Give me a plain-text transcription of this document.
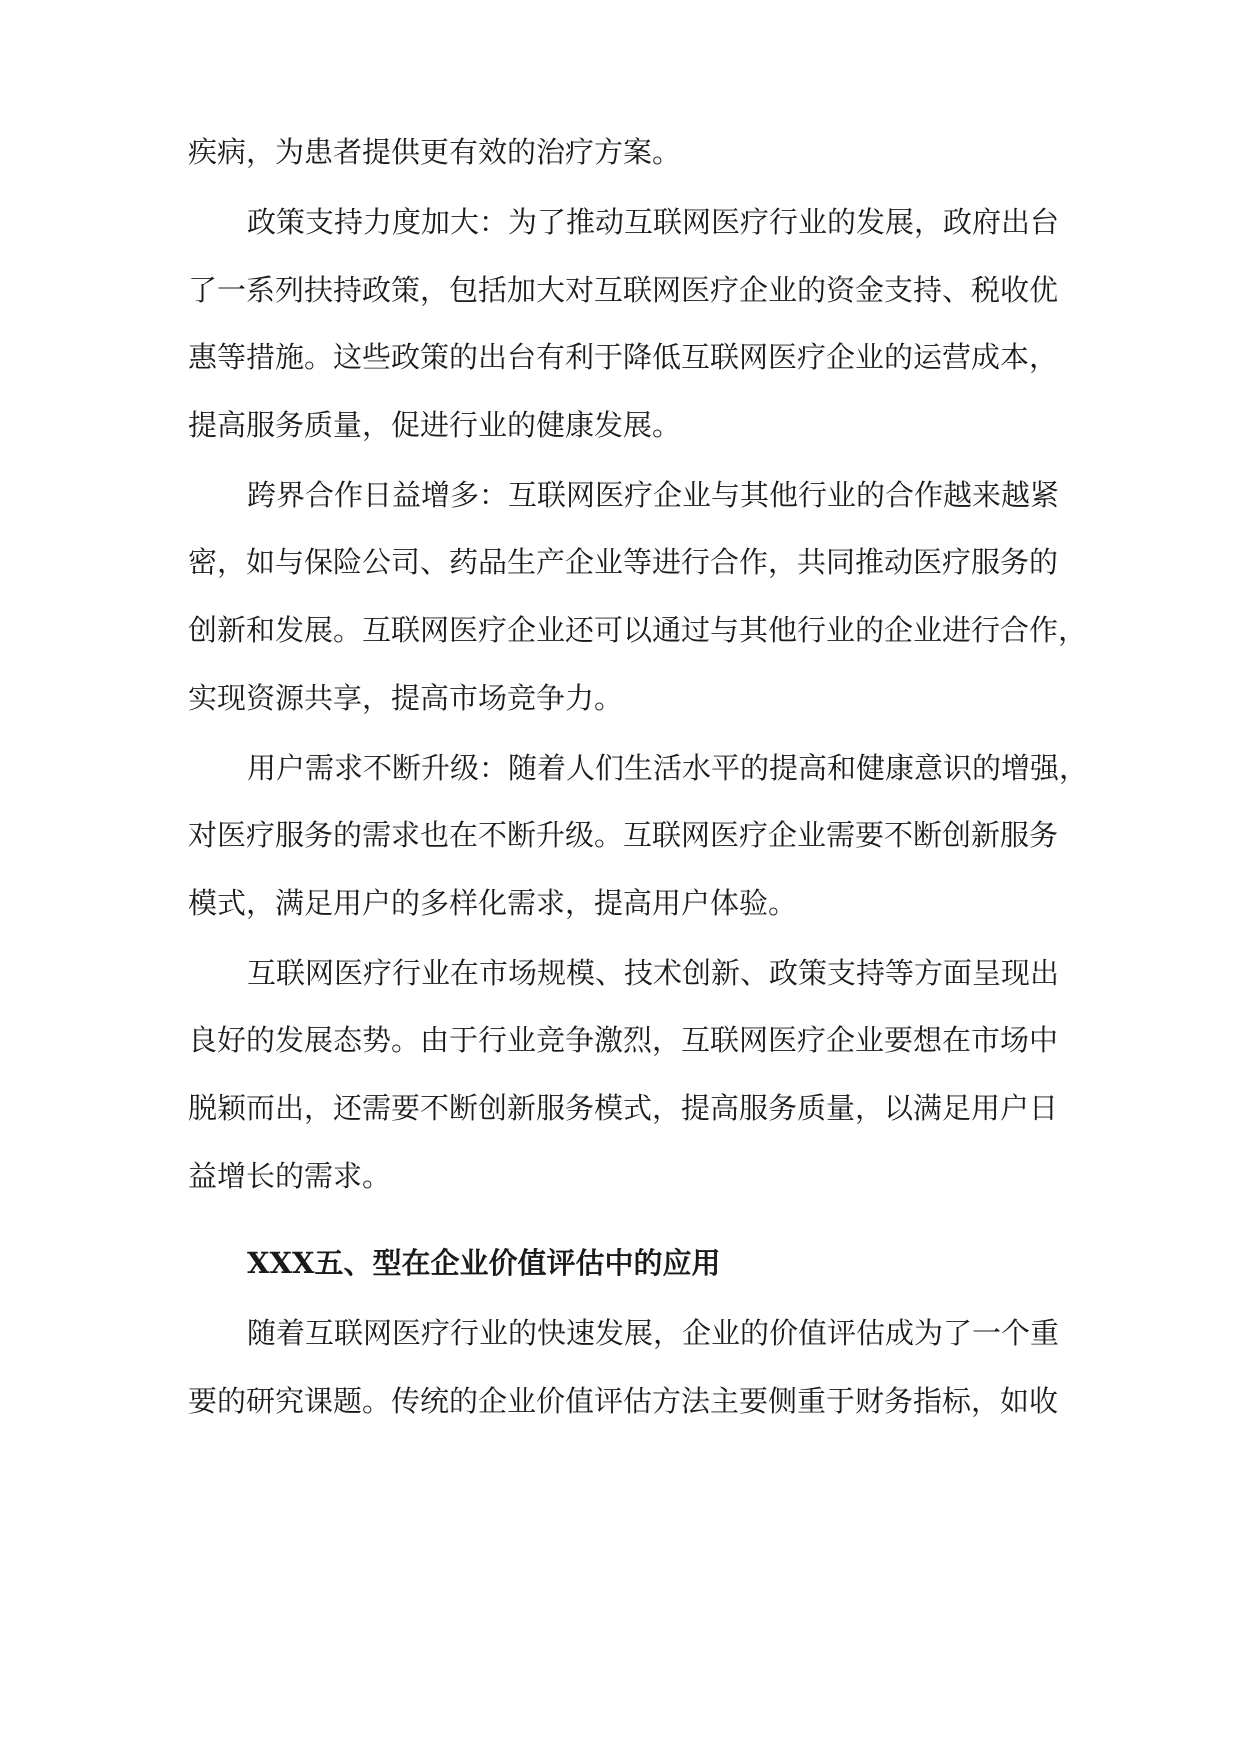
疾病，为患者提供更有效的治疗方案。
政策支持力度加大：为了推动互联网医疗行业的发展，政府出台
了一系列扶持政策，包括加大对互联网医疗企业的资金支持、税收优
惠等措施。这些政策的出台有利于降低互联网医疗企业的运营成本，
提高服务质量，促进行业的健康发展。
跨界合作日益增多：互联网医疗企业与其他行业的合作越来越紧
密，如与保险公司、药品生产企业等进行合作，共同推动医疗服务的
创新和发展。互联网医疗企业还可以通过与其他行业的企业进行合作，
实现资源共享，提高市场竞争力。
用户需求不断升级：随着人们生活水平的提高和健康意识的增强，
对医疗服务的需求也在不断升级。互联网医疗企业需要不断创新服务
模式，满足用户的多样化需求，提高用户体验。
互联网医疗行业在市场规模、技术创新、政策支持等方面呈现出
良好的发展态势。由于行业竞争激烈，互联网医疗企业要想在市场中
脱颖而出，还需要不断创新服务模式，提高服务质量，以满足用户日
益增长的需求。
XXX五、型在企业价值评估中的应用
随着互联网医疗行业的快速发展，企业的价值评估成为了一个重
要的研究课题。传统的企业价值评估方法主要侧重于财务指标，如收
